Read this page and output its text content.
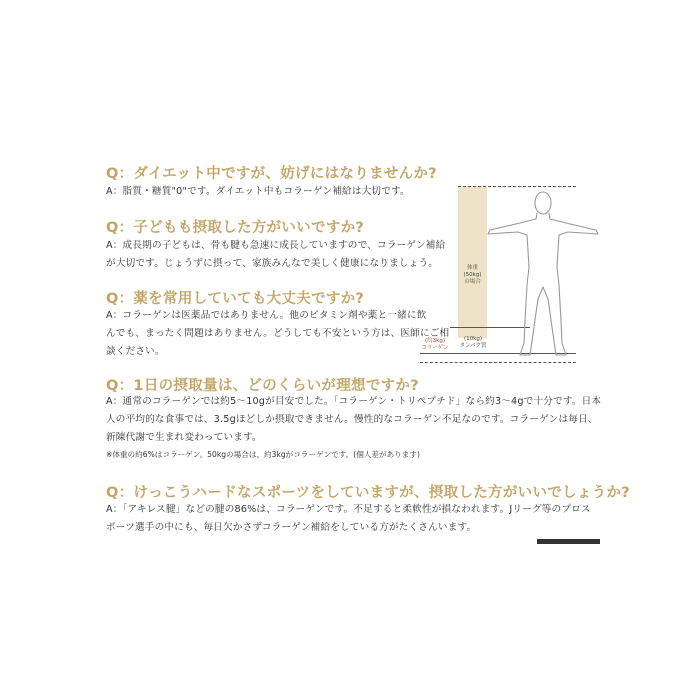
Q：ダイエット中ですが、妨げにはなりませんか?
A：脂質・糖質"0"です。ダイエット中もコラーゲン補給は大切です。
Q：子どもも摂取した方がいいですか?
A：成長期の子どもは、骨も腱も急速に成長していますので、コラーゲン補給
が大切です。じょうずに摂って、家族みんなで美しく健康になりましょう。
Q：薬を常用していても大丈夫ですか?
A：コラーゲンは医薬品ではありません。他のビタミン剤や薬と一緒に飲
んでも、まったく問題はありません。どうしても不安という方は、医師にご相
談ください。
Q：1日の摂取量は、どのくらいが理想ですか?
A：通常のコラーゲンでは約5〜10gが目安でした。「コラーゲン・トリペプチド」なら約3〜4gで十分です。日本
人の平均的な食事では、3.5gほどしか摂取できません。慢性的なコラーゲン不足なのです。コラーゲンは毎日、
新陳代謝で生まれ変わっています。
※体重の約6%はコラーゲン。50kgの場合は、約3kgがコラーゲンです。(個人差があります)
Q：けっこうハードなスポーツをしていますが、摂取した方がいいでしょうか?
A：「アキレス腱」などの腱の86%は、コラーゲンです。不足すると柔軟性が損なわれます。Jリーグ等のプロス
ポーツ選手の中にも、毎日欠かさずコラーゲン補給をしている方がたくさんいます。
体重
(50kg)
の場合
(10kg)
タンパク質
(約3kg)
コラーゲン
